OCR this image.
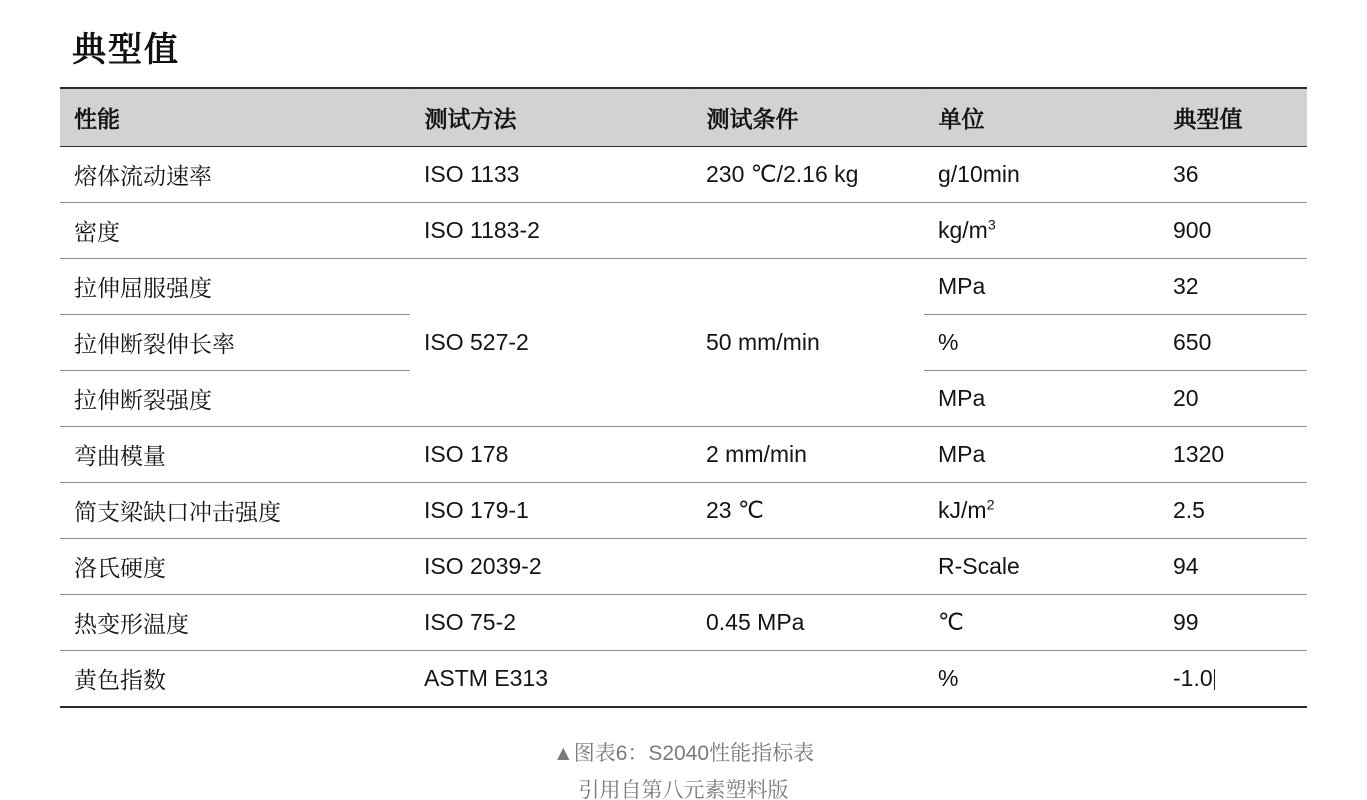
典型值
性能	测试方法	测试条件	单位	典型值
熔体流动速率	ISO 1133	230 ℃/2.16 kg	g/10min	36
密度	ISO 1183-2		$kg/m^3$	900
拉伸屈服强度	ISO 527-2	50 mm/min	MPa	32
拉伸断裂伸长率			%	650
拉伸断裂强度			MPa	20
弯曲模量	ISO 178	2 mm/min	MPa	1320
简支梁缺口冲击强度	ISO 179-1	23 ℃	$kJ/m^2$	2.5
洛氏硬度	ISO 2039-2		R-Scale	94
热变形温度	ISO 75-2	0.45 MPa	℃	99
黄色指数	ASTM E313		%	-1.0
▲图表6：S2040性能指标表
引用自第八元素塑料版
